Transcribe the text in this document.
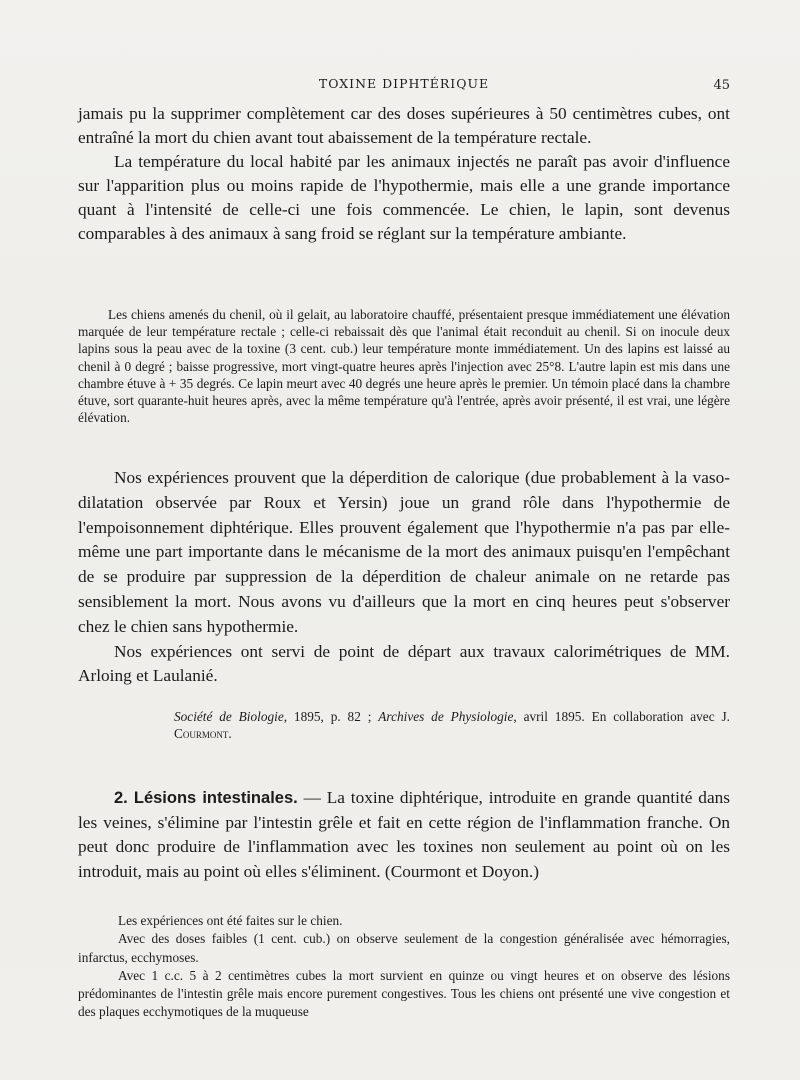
TOXINE DIPHTÉRIQUE	45

jamais pu la supprimer complètement car des doses supérieures à 50 centimètres cubes, ont entraîné la mort du chien avant tout abaissement de la température rectale.

La température du local habité par les animaux injectés ne paraît pas avoir d'influence sur l'apparition plus ou moins rapide de l'hypothermie, mais elle a une grande importance quant à l'intensité de celle-ci une fois commencée. Le chien, le lapin, sont devenus comparables à des animaux à sang froid se réglant sur la température ambiante.

Les chiens amenés du chenil, où il gelait, au laboratoire chauffé, présentaient presque immédiatement une élévation marquée de leur température rectale ; celle-ci rebaissait dès que l'animal était reconduit au chenil. Si on inocule deux lapins sous la peau avec de la toxine (3 cent. cub.) leur température monte immédiatement. Un des lapins est laissé au chenil à 0 degré ; baisse progressive, mort vingt-quatre heures après l'injection avec 25°8. L'autre lapin est mis dans une chambre étuve à + 35 degrés. Ce lapin meurt avec 40 degrés une heure après le premier. Un témoin placé dans la chambre étuve, sort quarante-huit heures après, avec la même température qu'à l'entrée, après avoir présenté, il est vrai, une légère élévation.

Nos expériences prouvent que la déperdition de calorique (due probablement à la vaso-dilatation observée par Roux et Yersin) joue un grand rôle dans l'hypothermie de l'empoisonnement diphtérique. Elles prouvent également que l'hypothermie n'a pas par elle-même une part importante dans le mécanisme de la mort des animaux puisqu'en l'empêchant de se produire par suppression de la déperdition de chaleur animale on ne retarde pas sensiblement la mort. Nous avons vu d'ailleurs que la mort en cinq heures peut s'observer chez le chien sans hypothermie.

Nos expériences ont servi de point de départ aux travaux calorimétriques de MM. Arloing et Laulanié.

Société de Biologie, 1895, p. 82 ; Archives de Physiologie, avril 1895. En collaboration avec J. Courmont.

2. Lésions intestinales. — La toxine diphtérique, introduite en grande quantité dans les veines, s'élimine par l'intestin grêle et fait en cette région de l'inflammation franche. On peut donc produire de l'inflammation avec les toxines non seulement au point où on les introduit, mais au point où elles s'éliminent. (Courmont et Doyon.)

Les expériences ont été faites sur le chien.

Avec des doses faibles (1 cent. cub.) on observe seulement de la congestion généralisée avec hémorragies, infarctus, ecchymoses.

Avec 1 c.c. 5 à 2 centimètres cubes la mort survient en quinze ou vingt heures et on observe des lésions prédominantes de l'intestin grêle mais encore purement congestives. Tous les chiens ont présenté une vive congestion et des plaques ecchymotiques de la muqueuse
